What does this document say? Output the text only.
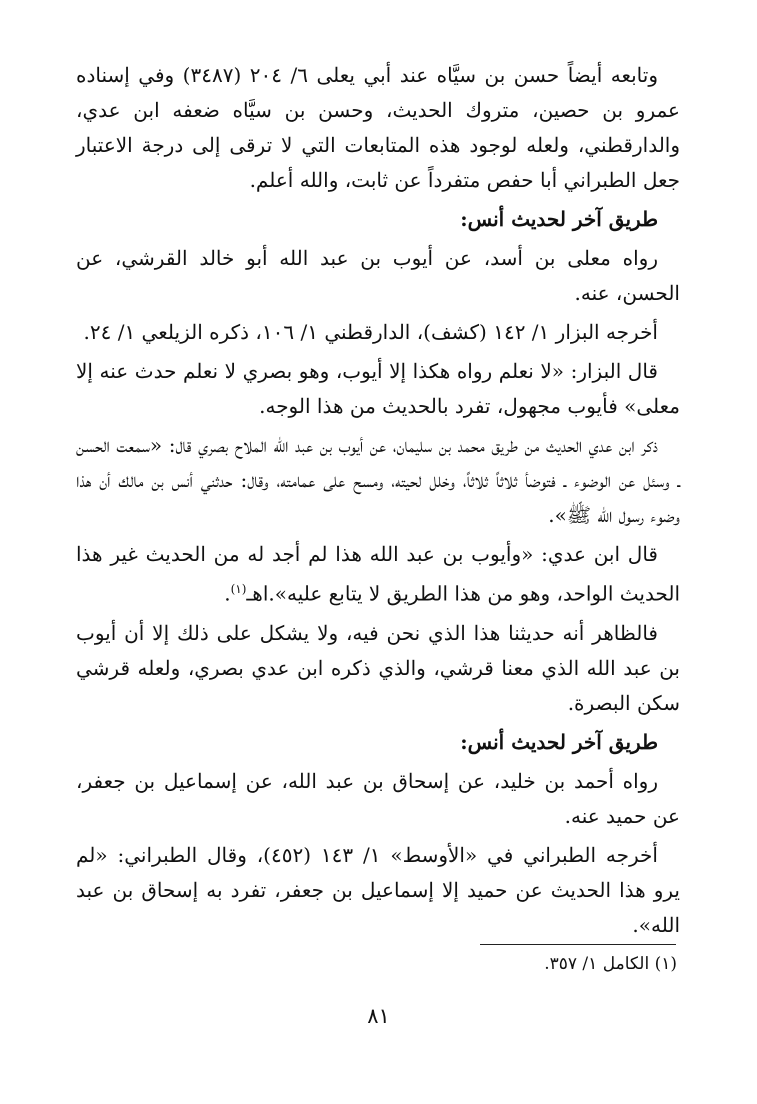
وتابعه أيضاً حسن بن سيَّاه عند أبي يعلى ٦/ ٢٠٤ (٣٤٨٧) وفي إسناده عمرو بن حصين، متروك الحديث، وحسن بن سيَّاه ضعفه ابن عدي، والدارقطني، ولعله لوجود هذه المتابعات التي لا ترقى إلى درجة الاعتبار جعل الطبراني أبا حفص متفرداً عن ثابت، والله أعلم.

طريق آخر لحديث أنس:

رواه معلى بن أسد، عن أيوب بن عبد الله أبو خالد القرشي، عن الحسن، عنه.

أخرجه البزار ١/ ١٤٢ (كشف)، الدارقطني ١/ ١٠٦، ذكره الزيلعي ١/ ٢٤.

قال البزار: «لا نعلم رواه هكذا إلا أيوب، وهو بصري لا نعلم حدث عنه إلا معلى» فأيوب مجهول، تفرد بالحديث من هذا الوجه.

ذكر ابن عدي الحديث من طريق محمد بن سليمان، عن أيوب بن عبد الله الملاح بصري قال: «سمعت الحسن ـ وسئل عن الوضوء ـ فتوضأ ثلاثاً ثلاثاً، وخلل لحيته، ومسح على عمامته، وقال: حدثني أنس بن مالك أن هذا وضوء رسول الله ﷺ».

قال ابن عدي: «وأيوب بن عبد الله هذا لم أجد له من الحديث غير هذا الحديث الواحد، وهو من هذا الطريق لا يتابع عليه».اهـ$^{(١)}$.

فالظاهر أنه حديثنا هذا الذي نحن فيه، ولا يشكل على ذلك إلا أن أيوب بن عبد الله الذي معنا قرشي، والذي ذكره ابن عدي بصري، ولعله قرشي سكن البصرة.

طريق آخر لحديث أنس:

رواه أحمد بن خليد، عن إسحاق بن عبد الله، عن إسماعيل بن جعفر، عن حميد عنه.

أخرجه الطبراني في «الأوسط» ١/ ١٤٣ (٤٥٢)، وقال الطبراني: «لم يرو هذا الحديث عن حميد إلا إسماعيل بن جعفر، تفرد به إسحاق بن عبد الله».

(١) الكامل ١/ ٣٥٧.
٨١
